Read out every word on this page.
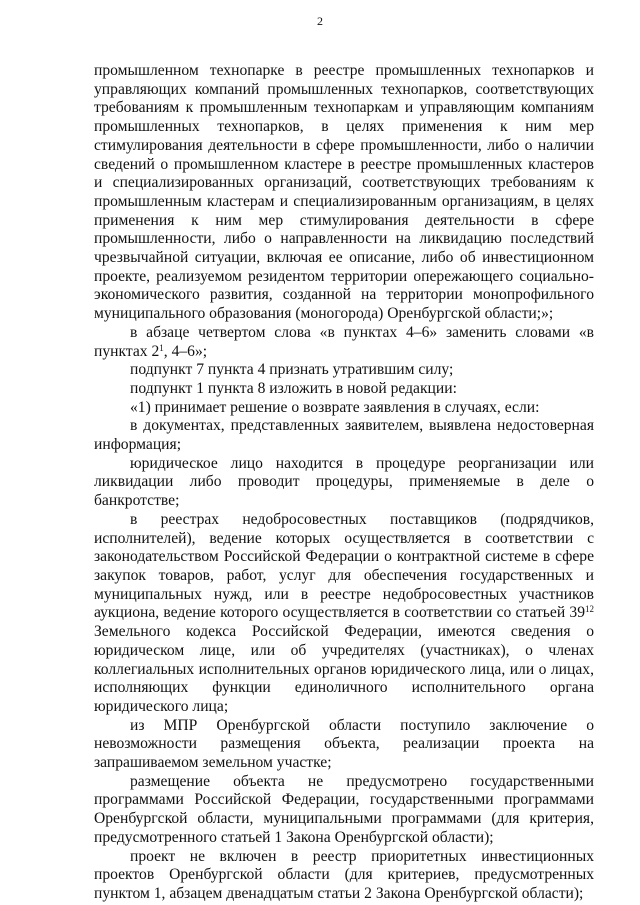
2

промышленном технопарке в реестре промышленных технопарков и управляющих компаний промышленных технопарков, соответствующих требованиям к промышленным технопаркам и управляющим компаниям промышленных технопарков, в целях применения к ним мер стимулирования деятельности в сфере промышленности, либо о наличии сведений о промышленном кластере в реестре промышленных кластеров и специализированных организаций, соответствующих требованиям к промышленным кластерам и специализированным организациям, в целях применения к ним мер стимулирования деятельности в сфере промышленности, либо о направленности на ликвидацию последствий чрезвычайной ситуации, включая ее описание, либо об инвестиционном проекте, реализуемом резидентом территории опережающего социально-экономического развития, созданной на территории монопрофильного муниципального образования (моногорода) Оренбургской области;»;

в абзаце четвертом слова «в пунктах 4–6» заменить словами «в пунктах $2^1$, 4–6»;

подпункт 7 пункта 4 признать утратившим силу;

подпункт 1 пункта 8 изложить в новой редакции:

«1) принимает решение о возврате заявления в случаях, если:

в документах, представленных заявителем, выявлена недостоверная информация;

юридическое лицо находится в процедуре реорганизации или ликвидации либо проводит процедуры, применяемые в деле о банкротстве;

в реестрах недобросовестных поставщиков (подрядчиков, исполнителей), ведение которых осуществляется в соответствии с законодательством Российской Федерации о контрактной системе в сфере закупок товаров, работ, услуг для обеспечения государственных и муниципальных нужд, или в реестре недобросовестных участников аукциона, ведение которого осуществляется в соответствии со статьей $39^{12}$ Земельного кодекса Российской Федерации, имеются сведения о юридическом лице, или об учредителях (участниках), о членах коллегиальных исполнительных органов юридического лица, или о лицах, исполняющих функции единоличного исполнительного органа юридического лица;

из МПР Оренбургской области поступило заключение о невозможности размещения объекта, реализации проекта на запрашиваемом земельном участке;

размещение объекта не предусмотрено государственными программами Российской Федерации, государственными программами Оренбургской области, муниципальными программами (для критерия, предусмотренного статьей 1 Закона Оренбургской области);

проект не включен в реестр приоритетных инвестиционных проектов Оренбургской области (для критериев, предусмотренных пунктом 1, абзацем двенадцатым статьи 2 Закона Оренбургской области);
